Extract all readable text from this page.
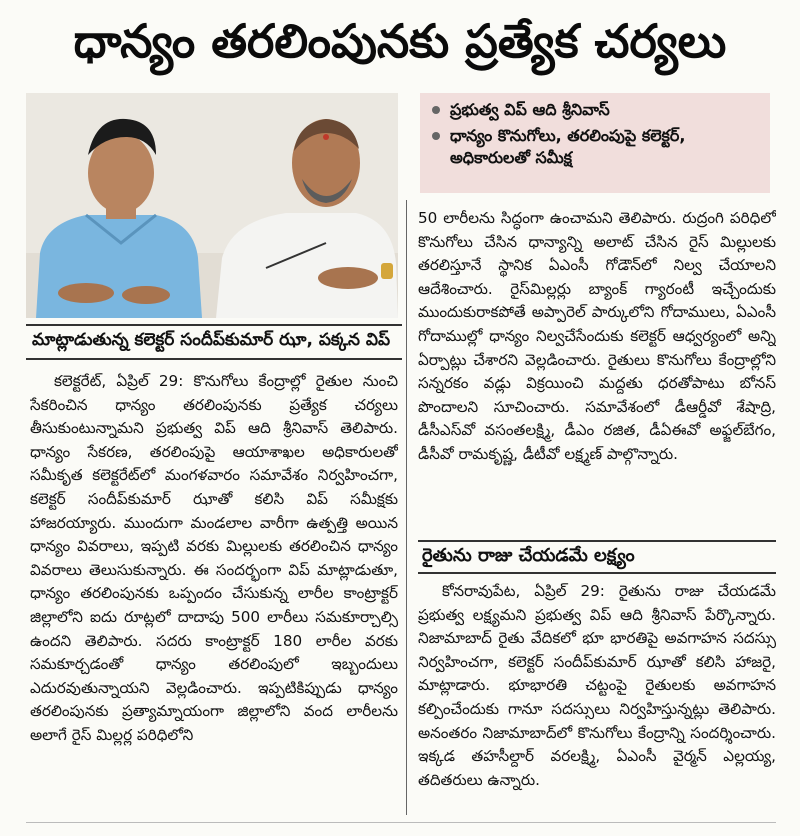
ధాన్యం తరలింపునకు ప్రత్యేక చర్యలు
మాట్లాడుతున్న కలెక్టర్ సందీప్‌కుమార్ ఝా, పక్కన విప్
ప్రభుత్వ విప్ ఆది శ్రీనివాస్
ధాన్యం కొనుగోలు, తరలింపుపై కలెక్టర్, అధికారులతో సమీక్ష

కలెక్టరేట్, ఏప్రిల్ 29: కొనుగోలు కేంద్రాల్లో రైతుల నుంచి సేకరించిన ధాన్యం తరలింపునకు ప్రత్యేక చర్యలు తీసుకుంటున్నామని ప్రభుత్వ విప్ ఆది శ్రీనివాస్ తెలిపారు. ధాన్యం సేకరణ, తరలింపుపై ఆయాశాఖల అధికారులతో సమీకృత కలెక్టరేట్‌లో మంగళవారం సమావేశం నిర్వహించగా, కలెక్టర్ సందీప్‌కుమార్ ఝాతో కలిసి విప్ సమీక్షకు హాజరయ్యారు. ముందుగా మండలాల వారీగా ఉత్పత్తి అయిన ధాన్యం వివరాలు, ఇప్పటి వరకు మిల్లులకు తరలించిన ధాన్యం వివరాలు తెలుసుకున్నారు. ఈ సందర్భంగా విప్ మాట్లాడుతూ, ధాన్యం తరలింపునకు ఒప్పందం చేసుకున్న లారీల కాంట్రాక్టర్ జిల్లాలోని ఐదు రూట్లలో దాదాపు 500 లారీలు సమకూర్చాల్సి ఉందని తెలిపారు. సదరు కాంట్రాక్టర్ 180 లారీల వరకు సమకూర్చడంతో ధాన్యం తరలింపులో ఇబ్బందులు ఎదురవుతున్నాయని వెల్లడించారు. ఇప్పటికిప్పుడు ధాన్యం తరలింపునకు ప్రత్యామ్నాయంగా జిల్లాలోని వంద లారీలను అలాగే రైస్ మిల్లర్ల పరిధిలోని

50 లారీలను సిద్ధంగా ఉంచామని తెలిపారు. రుద్రంగి పరిధిలో కొనుగోలు చేసిన ధాన్యాన్ని అలాట్ చేసిన రైస్ మిల్లులకు తరలిస్తూనే స్థానిక ఏఎంసీ గోడౌన్‌లో నిల్వ చేయాలని ఆదేశించారు. రైస్‌మిల్లర్లు బ్యాంక్ గ్యారంటీ ఇచ్చేందుకు ముందుకురాకపోతే అప్పారెల్ పార్కులోని గోదాములు, ఏఎంసీ గోదాముల్లో ధాన్యం నిల్వచేసేందుకు కలెక్టర్ ఆధ్వర్యంలో అన్ని ఏర్పాట్లు చేశారని వెల్లడించారు. రైతులు కొనుగోలు కేంద్రాల్లోని సన్నరకం వడ్లు విక్రయించి మద్దతు ధరతోపాటు బోనస్ పొందాలని సూచించారు. సమావేశంలో డీఆర్డీవో శేషాద్రి, డీసీఎస్‌వో వసంతలక్ష్మి, డీఎం రజిత, డీఏఈవో అఫ్జల్‌బేగం, డీసీవో రామకృష్ణ, డీటీవో లక్ష్మణ్ పాల్గొన్నారు.

రైతును రాజు చేయడమే లక్ష్యం

కోనరావుపేట, ఏప్రిల్ 29: రైతును రాజు చేయడమే ప్రభుత్వ లక్ష్యమని ప్రభుత్వ విప్ ఆది శ్రీనివాస్ పేర్కొన్నారు. నిజామాబాద్ రైతు వేదికలో భూ భారతిపై అవగాహన సదస్సు నిర్వహించగా, కలెక్టర్ సందీప్‌కుమార్ ఝాతో కలిసి హాజరై, మాట్లాడారు. భూభారతి చట్టంపై రైతులకు అవగాహన కల్పించేందుకు గానూ సదస్సులు నిర్వహిస్తున్నట్లు తెలిపారు. అనంతరం నిజామాబాద్‌లో కొనుగోలు కేంద్రాన్ని సందర్శించారు. ఇక్కడ తహసీల్దార్ వరలక్ష్మి, ఏఎంసీ వైర్మన్ ఎల్లయ్య, తదితరులు ఉన్నారు.
